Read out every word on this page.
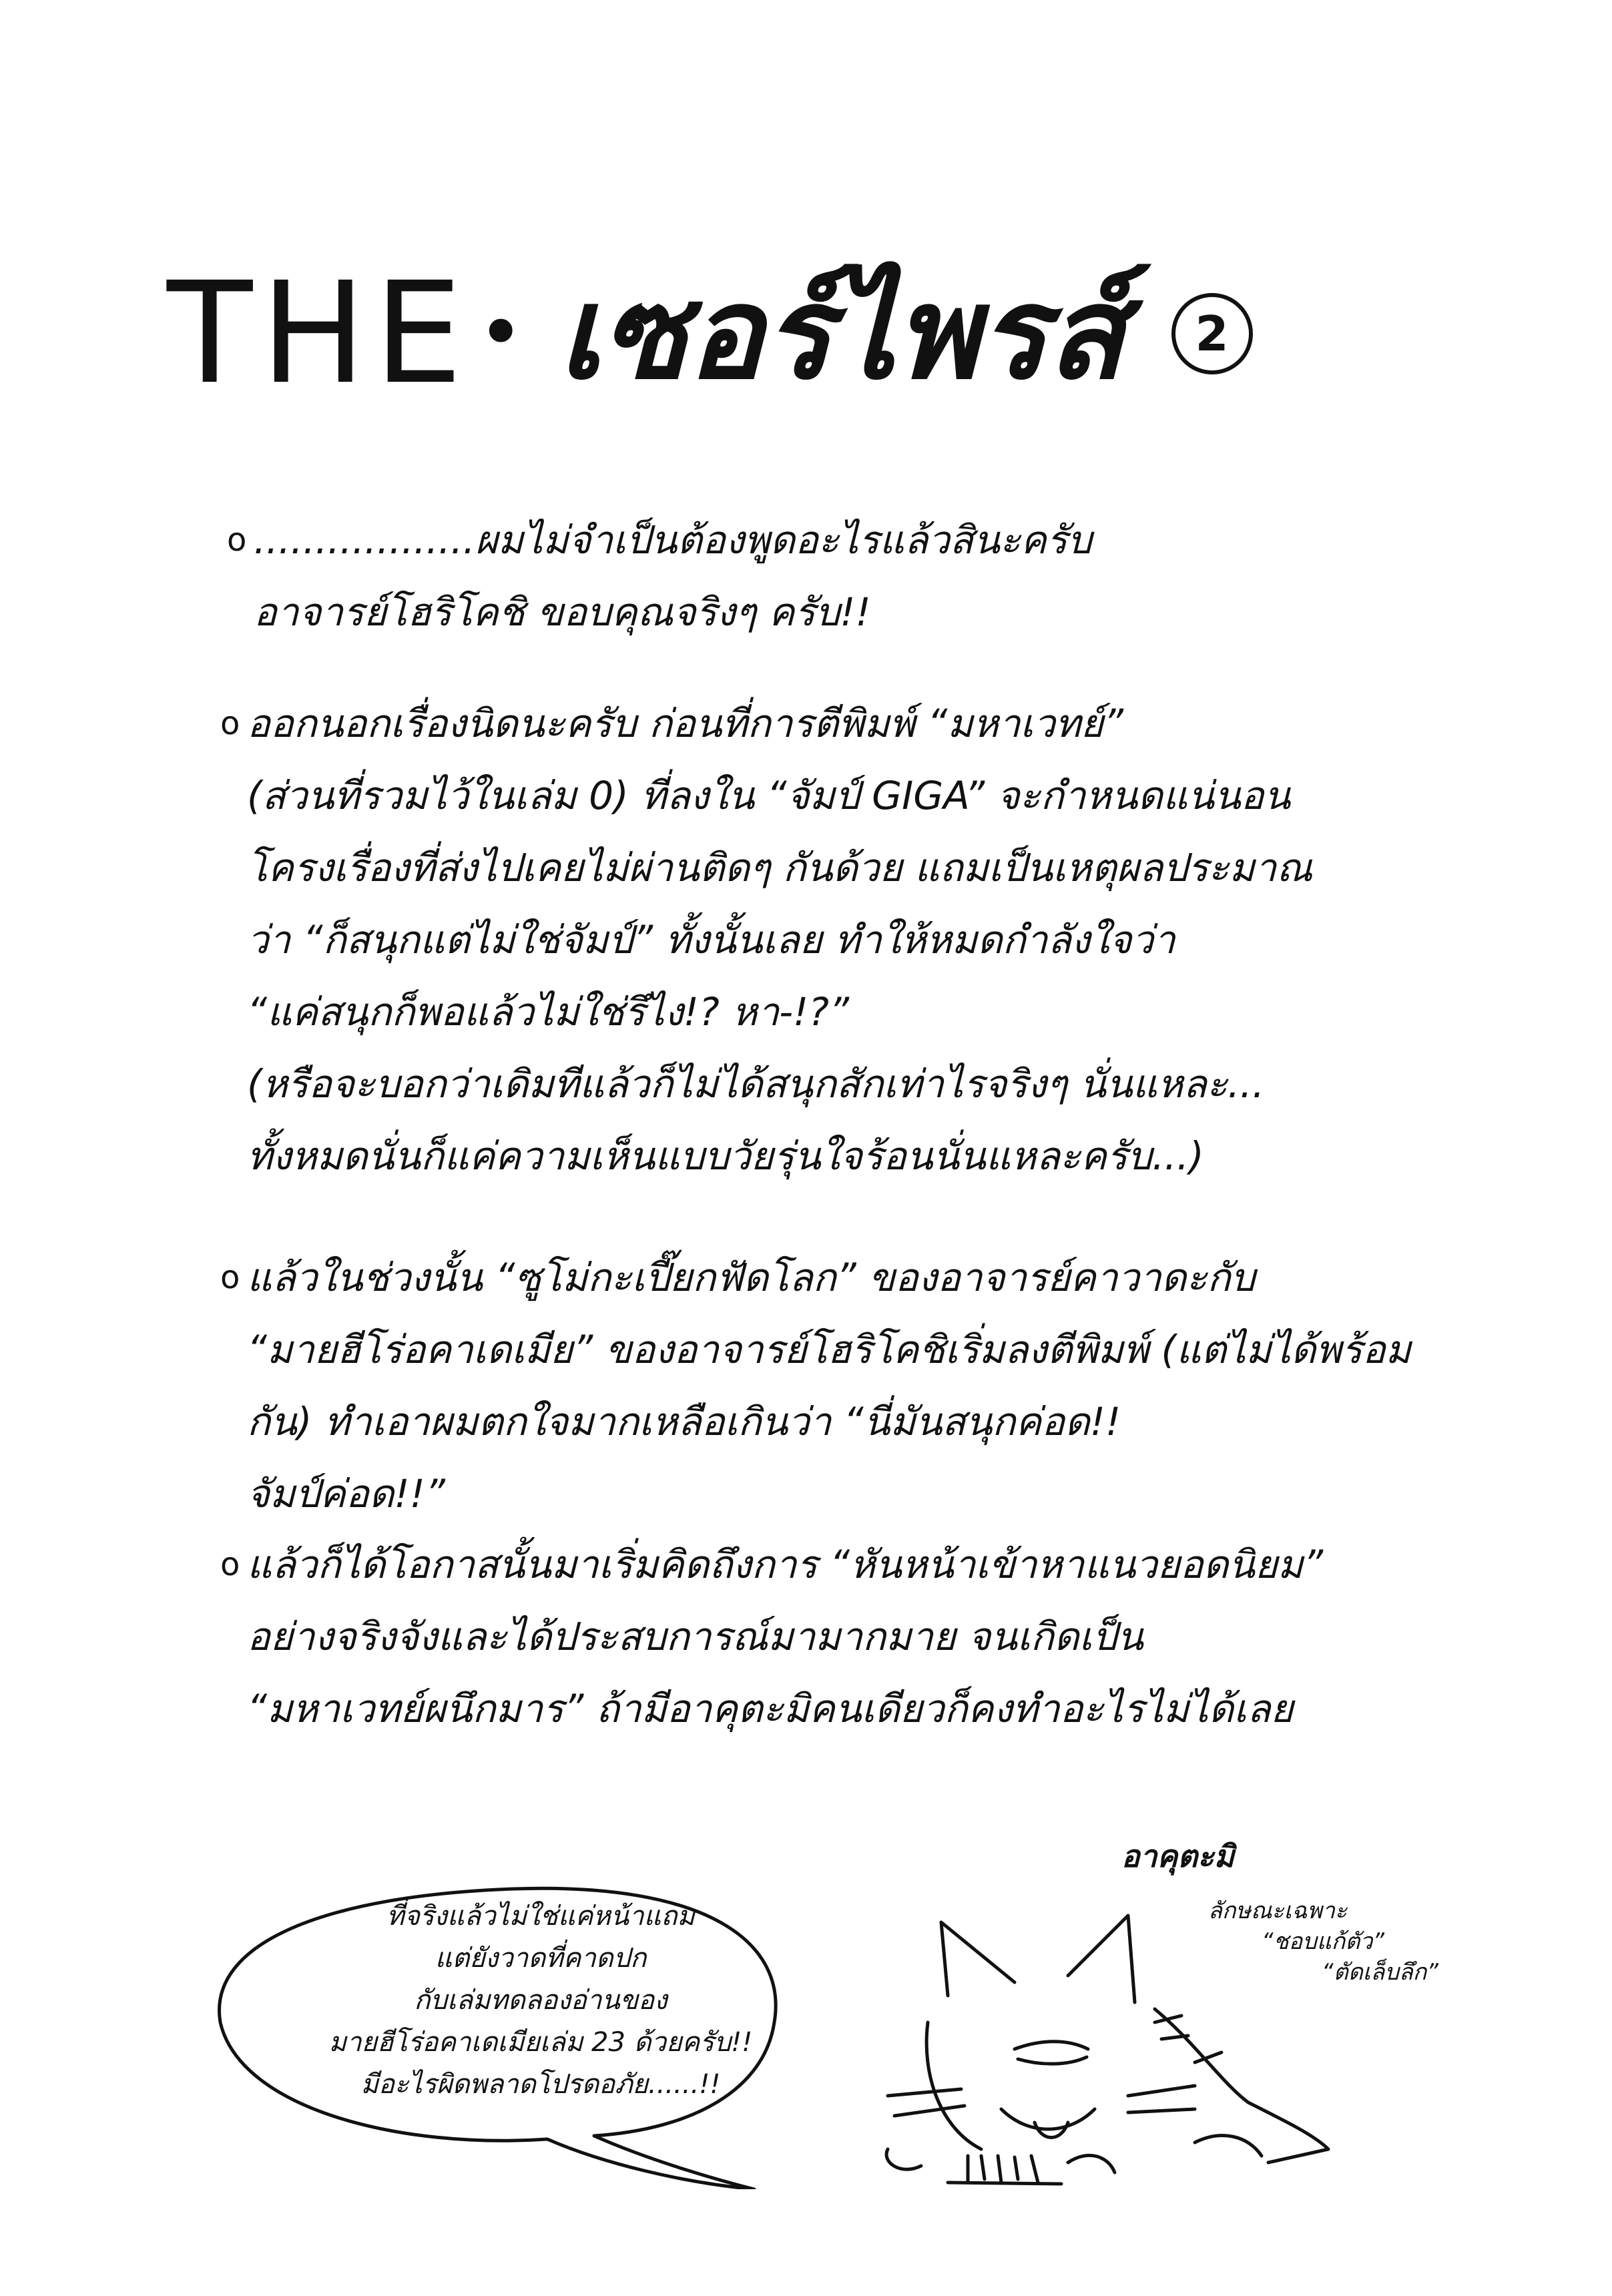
THE • เซอร์ไพรส์	2
o ..................ผมไม่จำเป็นต้องพูดอะไรแล้วสินะครับ
อาจารย์โฮริโคชิ ขอบคุณจริงๆ ครับ!!
o ออกนอกเรื่องนิดนะครับ ก่อนที่การตีพิมพ์ “มหาเวทย์”
(ส่วนที่รวมไว้ในเล่ม 0) ที่ลงใน “จัมป์ GIGA” จะกำหนดแน่นอน
โครงเรื่องที่ส่งไปเคยไม่ผ่านติดๆ กันด้วย แถมเป็นเหตุผลประมาณ
ว่า “ก็สนุกแต่ไม่ใช่จัมป์” ทั้งนั้นเลย ทำให้หมดกำลังใจว่า
“แค่สนุกก็พอแล้วไม่ใช่รึไง!? หา-!?”
(หรือจะบอกว่าเดิมทีแล้วก็ไม่ได้สนุกสักเท่าไรจริงๆ นั่นแหละ...
ทั้งหมดนั่นก็แค่ความเห็นแบบวัยรุ่นใจร้อนนั่นแหละครับ...)
o แล้วในช่วงนั้น “ซูโม่กะเปี๊ยกฟัดโลก” ของอาจารย์คาวาดะกับ
“มายฮีโร่อคาเดเมีย” ของอาจารย์โฮริโคชิเริ่มลงตีพิมพ์ (แต่ไม่ได้พร้อม
กัน) ทำเอาผมตกใจมากเหลือเกินว่า “นี่มันสนุกค่อด!!
จัมป์ค่อด!!”
o แล้วก็ได้โอกาสนั้นมาเริ่มคิดถึงการ “หันหน้าเข้าหาแนวยอดนิยม”
อย่างจริงจังและได้ประสบการณ์มามากมาย จนเกิดเป็น
“มหาเวทย์ผนึกมาร” ถ้ามีอาคุตะมิคนเดียวก็คงทำอะไรไม่ได้เลย
ที่จริงแล้วไม่ใช่แค่หน้าแถม
แต่ยังวาดที่คาดปก
กับเล่มทดลองอ่านของ
มายฮีโร่อคาเดเมียเล่ม 23 ด้วยครับ!!
มีอะไรผิดพลาดโปรดอภัย......!!
อาคุตะมิ
ลักษณะเฉพาะ
“ชอบแก้ตัว”
“ตัดเล็บลึก”
